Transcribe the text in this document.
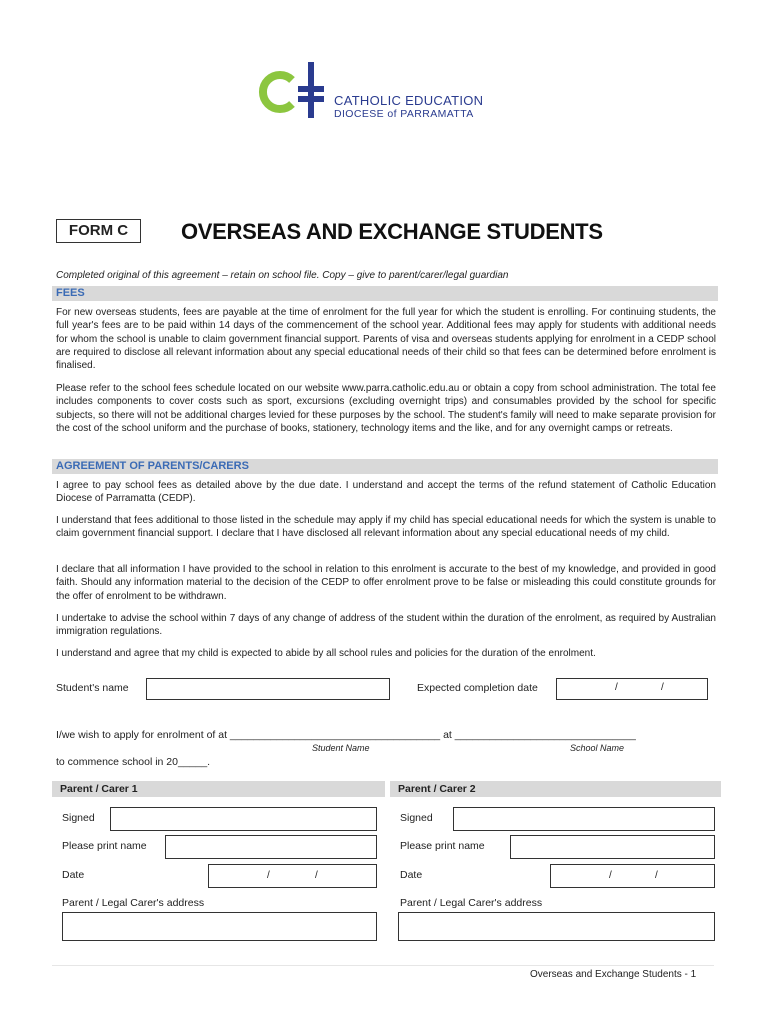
CATHOLIC EDUCATION
DIOCESE of PARRAMATTA
FORM C	OVERSEAS AND EXCHANGE STUDENTS
Completed original of this agreement – retain on school file. Copy – give to parent/carer/legal guardian
FEES
For new overseas students, fees are payable at the time of enrolment for the full year for which the student is enrolling. For continuing students, the full year's fees are to be paid within 14 days of the commencement of the school year. Additional fees may apply for students with additional needs for whom the school is unable to claim government financial support. Parents of visa and overseas students applying for enrolment in a CEDP school are required to disclose all relevant information about any special educational needs of their child so that fees can be determined before enrolment is finalised.
Please refer to the school fees schedule located on our website www.parra.catholic.edu.au or obtain a copy from school administration. The total fee includes components to cover costs such as sport, excursions (excluding overnight trips) and consumables provided by the school for specific subjects, so there will not be additional charges levied for these purposes by the school. The student's family will need to make separate provision for the cost of the school uniform and the purchase of books, stationery, technology items and the like, and for any overnight camps or retreats.
AGREEMENT OF PARENTS/CARERS
I agree to pay school fees as detailed above by the due date. I understand and accept the terms of the refund statement of Catholic Education Diocese of Parramatta (CEDP).
I understand that fees additional to those listed in the schedule may apply if my child has special educational needs for which the system is unable to claim government financial support. I declare that I have disclosed all relevant information about any special educational needs of my child.
I declare that all information I have provided to the school in relation to this enrolment is accurate to the best of my knowledge, and provided in good faith. Should any information material to the decision of the CEDP to offer enrolment prove to be false or misleading this could constitute grounds for the offer of enrolment to be withdrawn.
I undertake to advise the school within 7 days of any change of address of the student within the duration of the enrolment, as required by Australian immigration regulations.
I understand and agree that my child is expected to abide by all school rules and policies for the duration of the enrolment.
Student's name	Expected completion date	/	/
I/we wish to apply for enrolment of at ____________________________________ at _______________________________
Student Name	School Name
to commence school in 20_____.
Parent / Carer 1
Signed
Please print name
Date	/	/
Parent / Legal Carer's address
Parent / Carer 2
Signed
Please print name
Date	/	/
Parent / Legal Carer's address
Overseas and Exchange Students - 1
